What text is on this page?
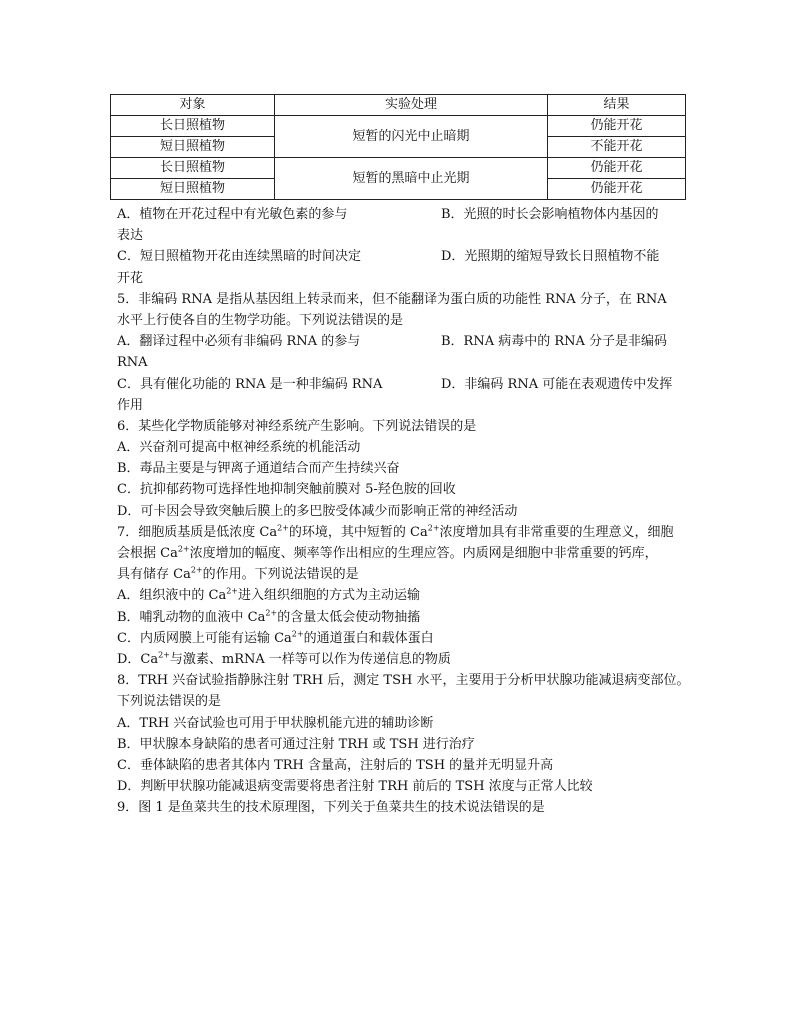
对象	实验处理	结果
长日照植物	短暂的闪光中止暗期	仍能开花
短日照植物		不能开花
长日照植物	短暂的黑暗中止光期	仍能开花
短日照植物		仍能开花
A．植物在开花过程中有光敏色素的参与	B．光照的时长会影响植物体内基因的
表达
C．短日照植物开花由连续黑暗的时间决定	D．光照期的缩短导致长日照植物不能
开花
5．非编码 RNA 是指从基因组上转录而来，但不能翻译为蛋白质的功能性 RNA 分子，在 RNA
水平上行使各自的生物学功能。下列说法错误的是
A．翻译过程中必须有非编码 RNA 的参与	B．RNA 病毒中的 RNA 分子是非编码
RNA
C．具有催化功能的 RNA 是一种非编码 RNA	D．非编码 RNA 可能在表观遗传中发挥
作用
6．某些化学物质能够对神经系统产生影响。下列说法错误的是
A．兴奋剂可提高中枢神经系统的机能活动
B．毒品主要是与钾离子通道结合而产生持续兴奋
C．抗抑郁药物可选择性地抑制突触前膜对 5-羟色胺的回收
D．可卡因会导致突触后膜上的多巴胺受体减少而影响正常的神经活动
7．细胞质基质是低浓度 $Ca^{2+}$的环境，其中短暂的 $Ca^{2+}$浓度增加具有非常重要的生理意义，细胞
会根据 $Ca^{2+}$浓度增加的幅度、频率等作出相应的生理应答。内质网是细胞中非常重要的钙库，
具有储存 $Ca^{2+}$的作用。下列说法错误的是
A．组织液中的 $Ca^{2+}$进入组织细胞的方式为主动运输
B．哺乳动物的血液中 $Ca^{2+}$的含量太低会使动物抽搐
C．内质网膜上可能有运输 $Ca^{2+}$的通道蛋白和载体蛋白
D．$Ca^{2+}$与激素、mRNA 一样等可以作为传递信息的物质
8．TRH 兴奋试验指静脉注射 TRH 后，测定 TSH 水平，主要用于分析甲状腺功能减退病变部位。
下列说法错误的是
A．TRH 兴奋试验也可用于甲状腺机能亢进的辅助诊断
B．甲状腺本身缺陷的患者可通过注射 TRH 或 TSH 进行治疗
C．垂体缺陷的患者其体内 TRH 含量高，注射后的 TSH 的量并无明显升高
D．判断甲状腺功能减退病变需要将患者注射 TRH 前后的 TSH 浓度与正常人比较
9．图 1 是鱼菜共生的技术原理图，下列关于鱼菜共生的技术说法错误的是
